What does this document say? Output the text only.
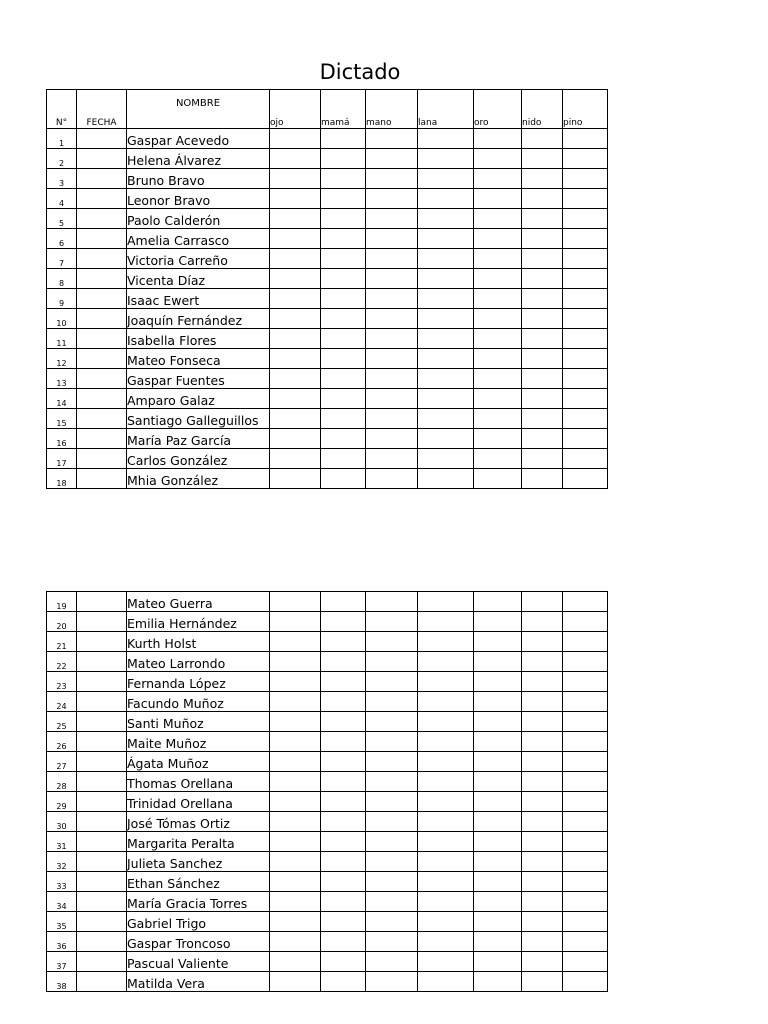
Dictado
N°	FECHA	NOMBRE	ojo	mamá	mano	lana	oro	nido	pino
1		Gaspar Acevedo							
2		Helena Álvarez							
3		Bruno Bravo							
4		Leonor Bravo							
5		Paolo Calderón							
6		Amelia Carrasco							
7		Victoria Carreño							
8		Vicenta Díaz							
9		Isaac Ewert							
10		Joaquín Fernández							
11		Isabella Flores							
12		Mateo Fonseca							
13		Gaspar Fuentes							
14		Amparo Galaz							
15		Santiago Galleguillos							
16		María Paz García							
17		Carlos González							
18		Mhia González							
19		Mateo Guerra							
20		Emilia Hernández							
21		Kurth Holst							
22		Mateo Larrondo							
23		Fernanda López							
24		Facundo Muñoz							
25		Santi Muñoz							
26		Maite Muñoz							
27		Ágata Muñoz							
28		Thomas Orellana							
29		Trinidad Orellana							
30		José Tómas Ortiz							
31		Margarita Peralta							
32		Julieta Sanchez							
33		Ethan Sánchez							
34		María Gracia Torres							
35		Gabriel Trigo							
36		Gaspar Troncoso							
37		Pascual Valiente							
38		Matilda Vera							
